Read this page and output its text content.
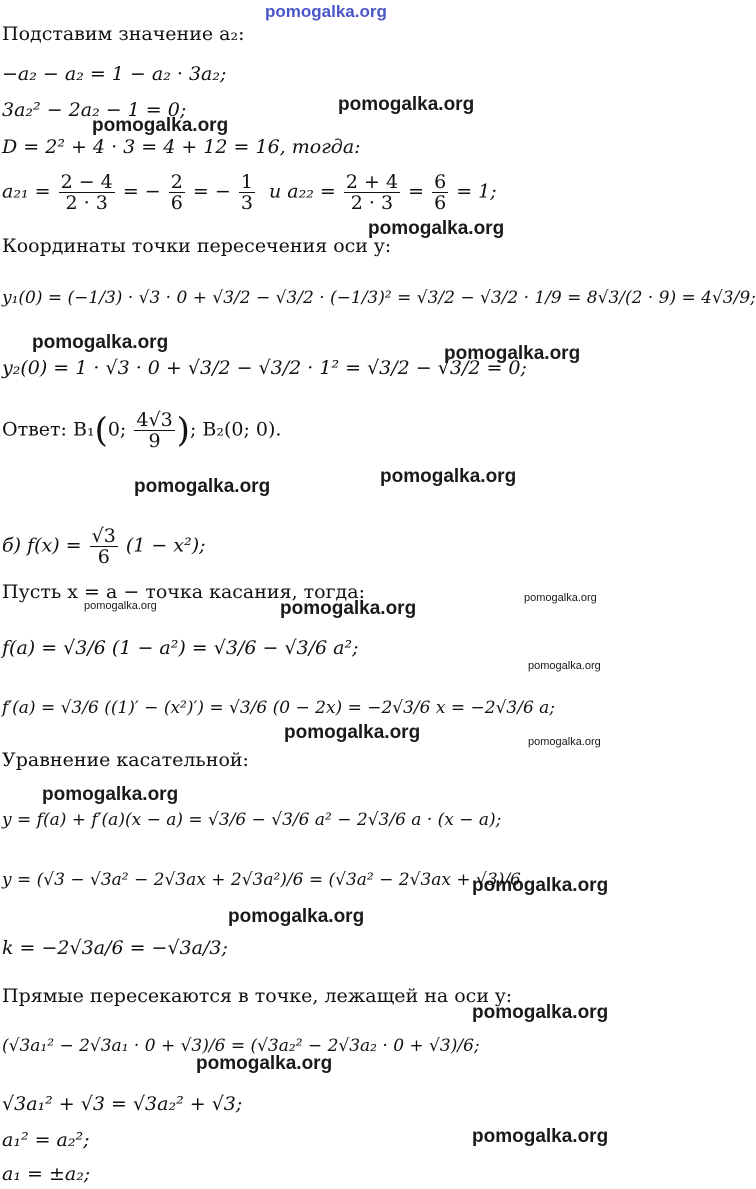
pomogalka.org
pomogalka.org
pomogalka.org
pomogalka.org
pomogalka.org
pomogalka.org
pomogalka.org
pomogalka.org
pomogalka.org
pomogalka.org	pomogalka.org
pomogalka.org
pomogalka.org	pomogalka.org
pomogalka.org
pomogalka.org
pomogalka.org
pomogalka.org
pomogalka.org
pomogalka.org
Подставим значение a₂:
−a₂ − a₂ = 1 − a₂ · 3a₂;
3a₂² − 2a₂ − 1 = 0;
D = 2² + 4 · 3 = 4 + 12 = 16, тогда:
$a_{21} = \frac{2 - 4}{2 \cdot 3}$ = − $\frac{2}{6}$ = − $\frac{1}{3}$ и $a_{22} = \frac{2 + 4}{2 \cdot 3} = \frac{6}{6} = 1$;
Координаты точки пересечения оси y:
y₁(0) = (−1/3) · √3 · 0 + √3/2 − √3/2 · (−1/3)² = √3/2 − √3/2 · 1/9 = 8√3/(2 · 9) = 4√3/9;
y₂(0) = 1 · √3 · 0 + √3/2 − √3/2 · 1² = √3/2 − √3/2 = 0;
Ответ: B₁(0; $\frac{4√3}{9}$ ); B₂(0; 0).
б) $f(x) = \frac{√3}{6} (1 - x^2)$;
Пусть x = a − точка касания, тогда:
f(a) = √3/6 (1 − a²) = √3/6 − √3/6 a²;
f′(a) = √3/6 ((1)′ − (x²)′) = √3/6 (0 − 2x) = −2√3/6 x = −2√3/6 a;
Уравнение касательной:
y = f(a) + f′(a)(x − a) = √3/6 − √3/6 a² − 2√3/6 a · (x − a);
y = (√3 − √3a² − 2√3ax + 2√3a²)/6 = (√3a² − 2√3ax + √3)/6
k = −2√3a/6 = −√3a/3;
Прямые пересекаются в точке, лежащей на оси y:
(√3a₁² − 2√3a₁ · 0 + √3)/6 = (√3a₂² − 2√3a₂ · 0 + √3)/6;
√3a₁² + √3 = √3a₂² + √3;
a₁² = a₂²;
a₁ = ±a₂;
